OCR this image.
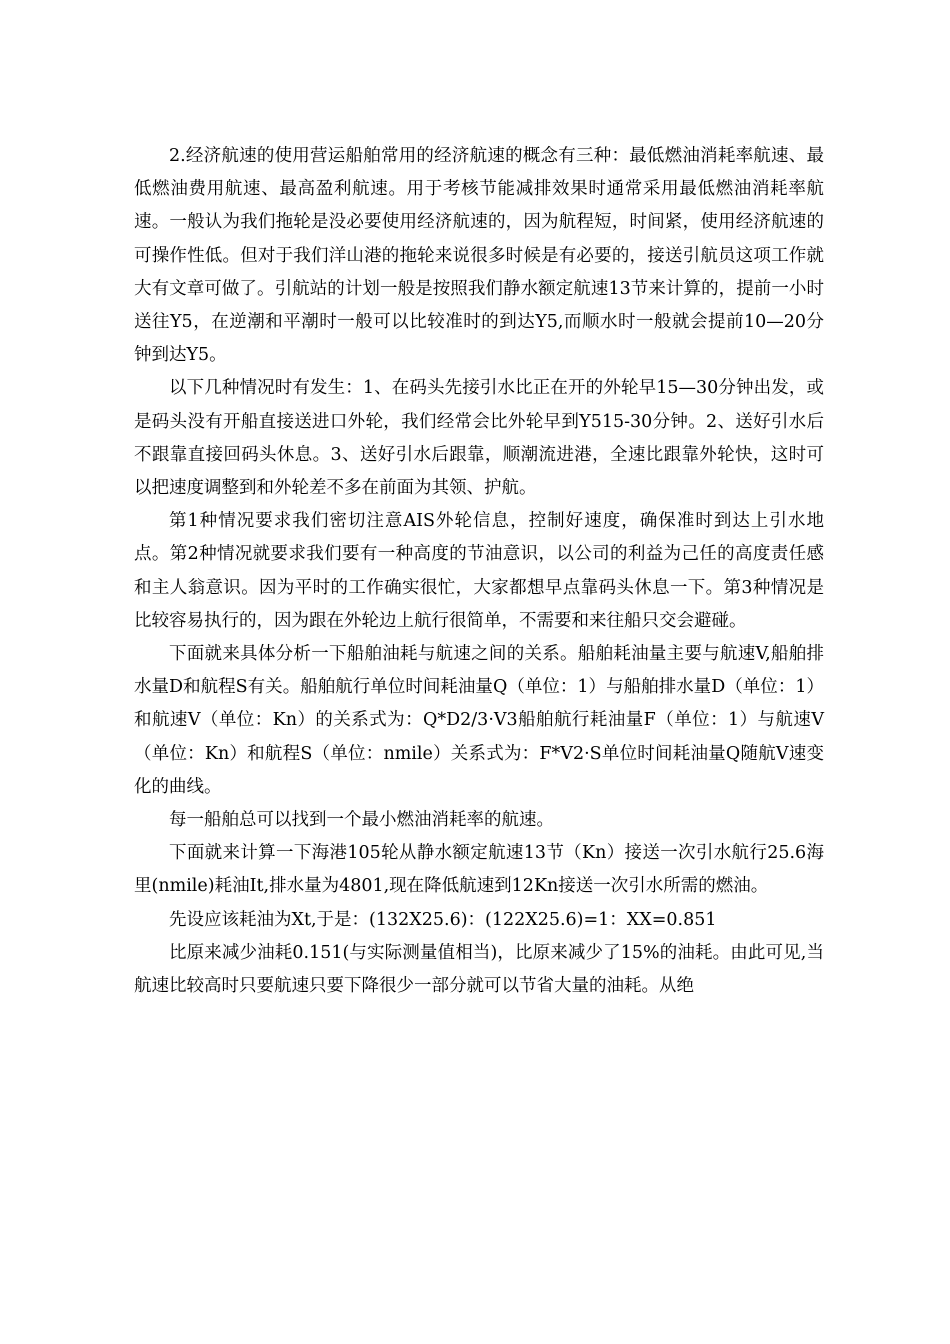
2.经济航速的使用营运船舶常用的经济航速的概念有三种：最低燃油消耗率航速、最低燃油费用航速、最高盈利航速。用于考核节能减排效果时通常采用最低燃油消耗率航速。一般认为我们拖轮是没必要使用经济航速的，因为航程短，时间紧，使用经济航速的可操作性低。但对于我们洋山港的拖轮来说很多时候是有必要的，接送引航员这项工作就大有文章可做了。引航站的计划一般是按照我们静水额定航速13节来计算的，提前一小时送往Y5，在逆潮和平潮时一般可以比较准时的到达Y5,而顺水时一般就会提前10—20分钟到达Y5。

以下几种情况时有发生：1、在码头先接引水比正在开的外轮早15—30分钟出发，或是码头没有开船直接送进口外轮，我们经常会比外轮早到Y515-30分钟。2、送好引水后不跟靠直接回码头休息。3、送好引水后跟靠，顺潮流进港，全速比跟靠外轮快，这时可以把速度调整到和外轮差不多在前面为其领、护航。

第1种情况要求我们密切注意AIS外轮信息，控制好速度，确保准时到达上引水地点。第2种情况就要求我们要有一种高度的节油意识，以公司的利益为己任的高度责任感和主人翁意识。因为平时的工作确实很忙，大家都想早点靠码头休息一下。第3种情况是比较容易执行的，因为跟在外轮边上航行很简单，不需要和来往船只交会避碰。

下面就来具体分析一下船舶油耗与航速之间的关系。船舶耗油量主要与航速V,船舶排水量D和航程S有关。船舶航行单位时间耗油量Q（单位：1）与船舶排水量D（单位：1）和航速V（单位：Kn）的关系式为：Q*D2/3·V3船舶航行耗油量F（单位：1）与航速V（单位：Kn）和航程S（单位：nmile）关系式为：F*V2·S单位时间耗油量Q随航V速变化的曲线。

每一船舶总可以找到一个最小燃油消耗率的航速。

下面就来计算一下海港105轮从静水额定航速13节（Kn）接送一次引水航行25.6海里(nmile)耗油It,排水量为4801,现在降低航速到12Kn接送一次引水所需的燃油。

先设应该耗油为Xt,于是：(132X25.6)：(122X25.6)=1：XX=0.851

比原来减少油耗0.151(与实际测量值相当)，比原来减少了15%的油耗。由此可见,当航速比较高时只要航速只要下降很少一部分就可以节省大量的油耗。从绝
